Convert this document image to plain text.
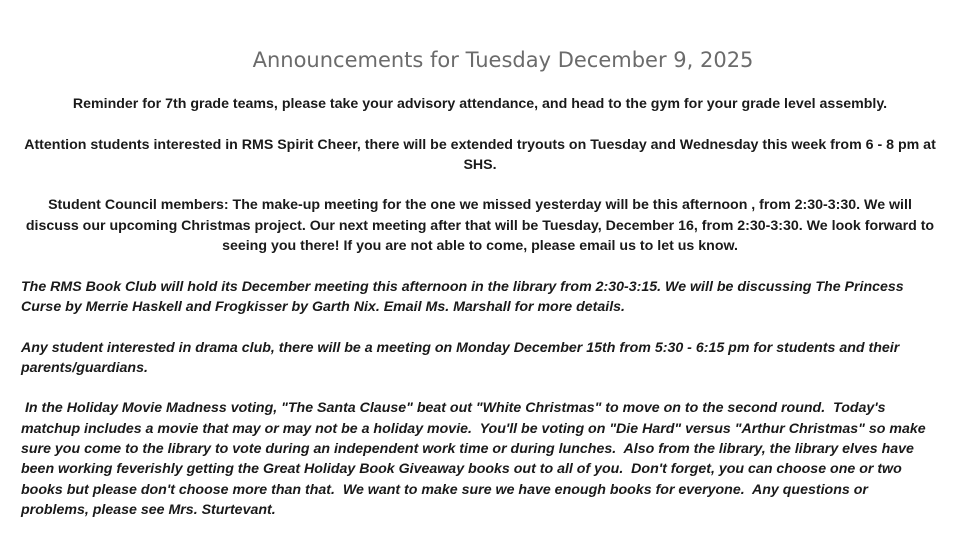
Announcements for Tuesday December 9, 2025

Reminder for 7th grade teams, please take your advisory attendance, and head to the gym for your grade level assembly.

Attention students interested in RMS Spirit Cheer, there will be extended tryouts on Tuesday and Wednesday this week from 6 - 8 pm at SHS.

Student Council members: The make-up meeting for the one we missed yesterday will be this afternoon , from 2:30-3:30. We will discuss our upcoming Christmas project. Our next meeting after that will be Tuesday, December 16, from 2:30-3:30. We look forward to seeing you there! If you are not able to come, please email us to let us know.

The RMS Book Club will hold its December meeting this afternoon in the library from 2:30-3:15. We will be discussing The Princess Curse by Merrie Haskell and Frogkisser by Garth Nix. Email Ms. Marshall for more details.

Any student interested in drama club, there will be a meeting on Monday December 15th from 5:30 - 6:15 pm for students and their parents/guardians.

In the Holiday Movie Madness voting, "The Santa Clause" beat out "White Christmas" to move on to the second round.  Today's matchup includes a movie that may or may not be a holiday movie.  You'll be voting on "Die Hard" versus "Arthur Christmas" so make sure you come to the library to vote during an independent work time or during lunches.  Also from the library, the library elves have been working feverishly getting the Great Holiday Book Giveaway books out to all of you.  Don't forget, you can choose one or two books but please don't choose more than that.  We want to make sure we have enough books for everyone.  Any questions or problems, please see Mrs. Sturtevant.
